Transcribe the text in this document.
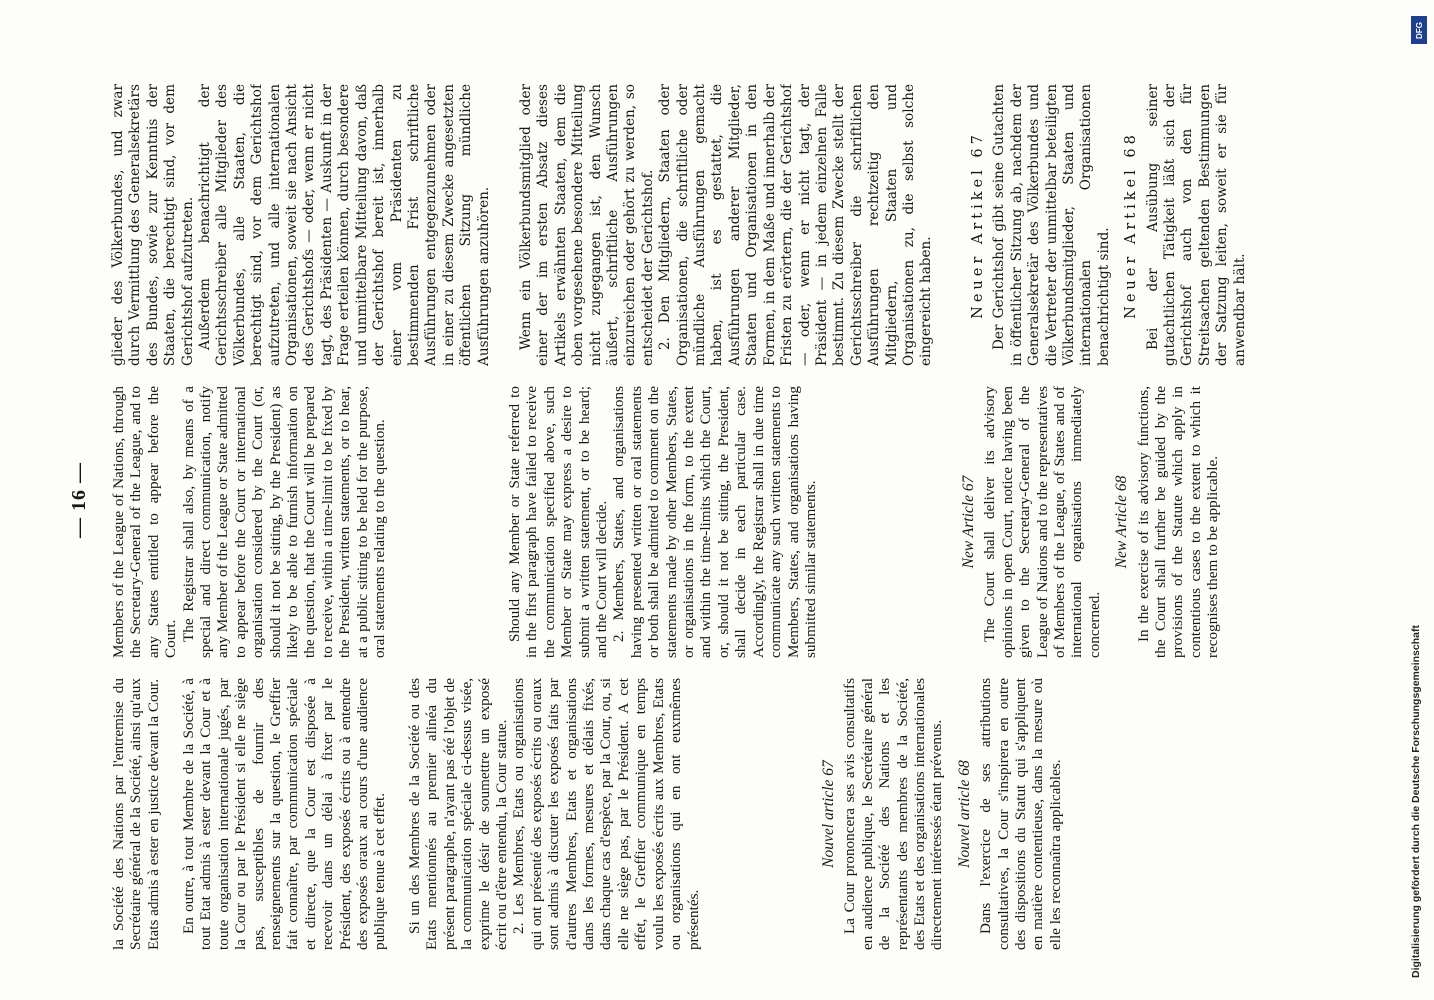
— 16 —

la Société des Nations par l'entremise du Secrétaire général de la Société, ainsi qu'aux Etats admis à ester en justice devant la Cour. En outre, à tout Membre de la Société, à tout Etat admis à ester devant la Cour et à toute organisation internationale jugés, par la Cour ou par le Président si elle ne siège pas, susceptibles de fournir des renseignements sur la question, le Greffier fait connaître, par communication spéciale et directe, que la Cour est disposée à recevoir dans un délai à fixer par le Président, des exposés écrits ou à entendre des exposés oraux au cours d'une audience publique tenue à cet effet. Si un des Membres de la Société ou des Etats mentionnés au premier alinéa du présent paragraphe, n'ayant pas été l'objet de la communication spéciale ci-dessus visée, exprime le désir de soumettre un exposé écrit ou d'être entendu, la Cour statue. 2. Les Membres, Etats ou organisations qui ont présenté des exposés écrits ou oraux sont admis à discuter les exposés faits par d'autres Membres, Etats et organisations dans les formes, mesures et délais fixés, dans chaque cas d'espèce, par la Cour, ou, si elle ne siège pas, par le Président. A cet effet, le Greffier communique en temps voulu les exposés écrits aux Membres, Etats ou organisations qui en ont euxmêmes présentés.

Nouvel article 67 La Cour prononcera ses avis consultatifs en audience publique, le Secrétaire général de la Société des Nations et les représentants des membres de la Société, des Etats et des organisations internationales directement intéressés étant prévenus. Nouvel article 68 Dans l'exercice de ses attributions consultatives, la Cour s'inspirera en outre des dispositions du Statut qui s'appliquent en matière contentieuse, dans la mesure où elle les reconnaîtra applicables.

Members of the League of Nations, through the Secretary-General of the League, and to any States entitled to appear before the Court. The Registrar shall also, by means of a special and direct communication, notify any Member of the League or State admitted to appear before the Court or international organisation considered by the Court (or, should it not be sitting, by the President) as likely to be able to furnish information on the question, that the Court will be prepared to receive, within a time-limit to be fixed by the President, written statements, or to hear, at a public sitting to be held for the purpose, oral statements relating to the question.	Should any Member or State referred to in the first paragraph have failed to receive the communication specified above, such Member or State may express a desire to submit a written statement, or to be heard; and the Court will decide. 2. Members, States, and organisations having presented written or oral statements or both shall be admitted to comment on the statements made by other Members, States, or organisations in the form, to the extent and within the time-limits which the Court, or, should it not be sitting, the President, shall decide in each particular case. Accordingly, the Registrar shall in due time communicate any such written statements to Members, States, and organisations having submitted similar statements.	New Article 67 The Court shall deliver its advisory opinions in open Court, notice having been given to the Secretary-General of the League of Nations and to the representatives of Members of the League, of States and of international organisations immediately concerned.

New Article 68 In the exercise of its advisory functions, the Court shall further be guided by the provisions of the Statute which apply in contentious cases to the extent to which it recognises them to be applicable.

glieder des Völkerbundes, und zwar durch Vermittlung des Generalsekretärs des Bundes, sowie zur Kenntnis der Staaten, die berechtigt sind, vor dem Gerichtshof aufzutreten. Außerdem benachrichtigt der Gerichtsschreiber alle Mitglieder des Völkerbundes, alle Staaten, die berechtigt sind, vor dem Gerichtshof aufzutreten, und alle internationalen Organisationen, soweit sie nach Ansicht des Gerichtshofs — oder, wenn er nicht tagt, des Präsidenten — Auskunft in der Frage erteilen können, durch besondere und unmittelbare Mitteilung davon, daß der Gerichtshof bereit ist, innerhalb einer vom Präsidenten zu bestimmenden Frist schriftliche Ausführungen entgegenzunehmen oder in einer zu diesem Zwecke angesetzten öffentlichen Sitzung mündliche Ausführungen anzuhören. Wenn ein Völkerbundsmitglied oder einer der im ersten Absatz dieses Artikels erwähnten Staaten, dem die oben vorgesehene besondere Mitteilung nicht zugegangen ist, den Wunsch äußert, schriftliche Ausführungen einzureichen oder gehört zu werden, so entscheidet der Gerichtshof. 2. Den Mitgliedern, Staaten oder Organisationen, die schriftliche oder mündliche Ausführungen gemacht haben, ist es gestattet, die Ausführungen anderer Mitglieder, Staaten und Organisationen in den Formen, in dem Maße und innerhalb der Fristen zu erörtern, die der Gerichtshof — oder, wenn er nicht tagt, der Präsident — in jedem einzelnen Falle bestimmt. Zu diesem Zwecke stellt der Gerichtsschreiber die schriftlichen Ausführungen rechtzeitig den Mitgliedern, Staaten und Organisationen zu, die selbst solche eingereicht haben. Neuer Artikel 67 Der Gerichtshof gibt seine Gutachten in öffentlicher Sitzung ab, nachdem der Generalsekretär des Völkerbundes und die Vertreter der unmittelbar beteiligten Völkerbundsmitglieder, Staaten und internationalen Organisationen benachrichtigt sind. Neuer Artikel 68 Bei der Ausübung seiner gutachtlichen Tätigkeit läßt sich der Gerichtshof auch von den für Streitsachen geltenden Bestimmungen der Satzung leiten, soweit er sie für anwendbar hält.

DFG
Digitalisierung gefördert durch die Deutsche Forschungsgemeinschaft
